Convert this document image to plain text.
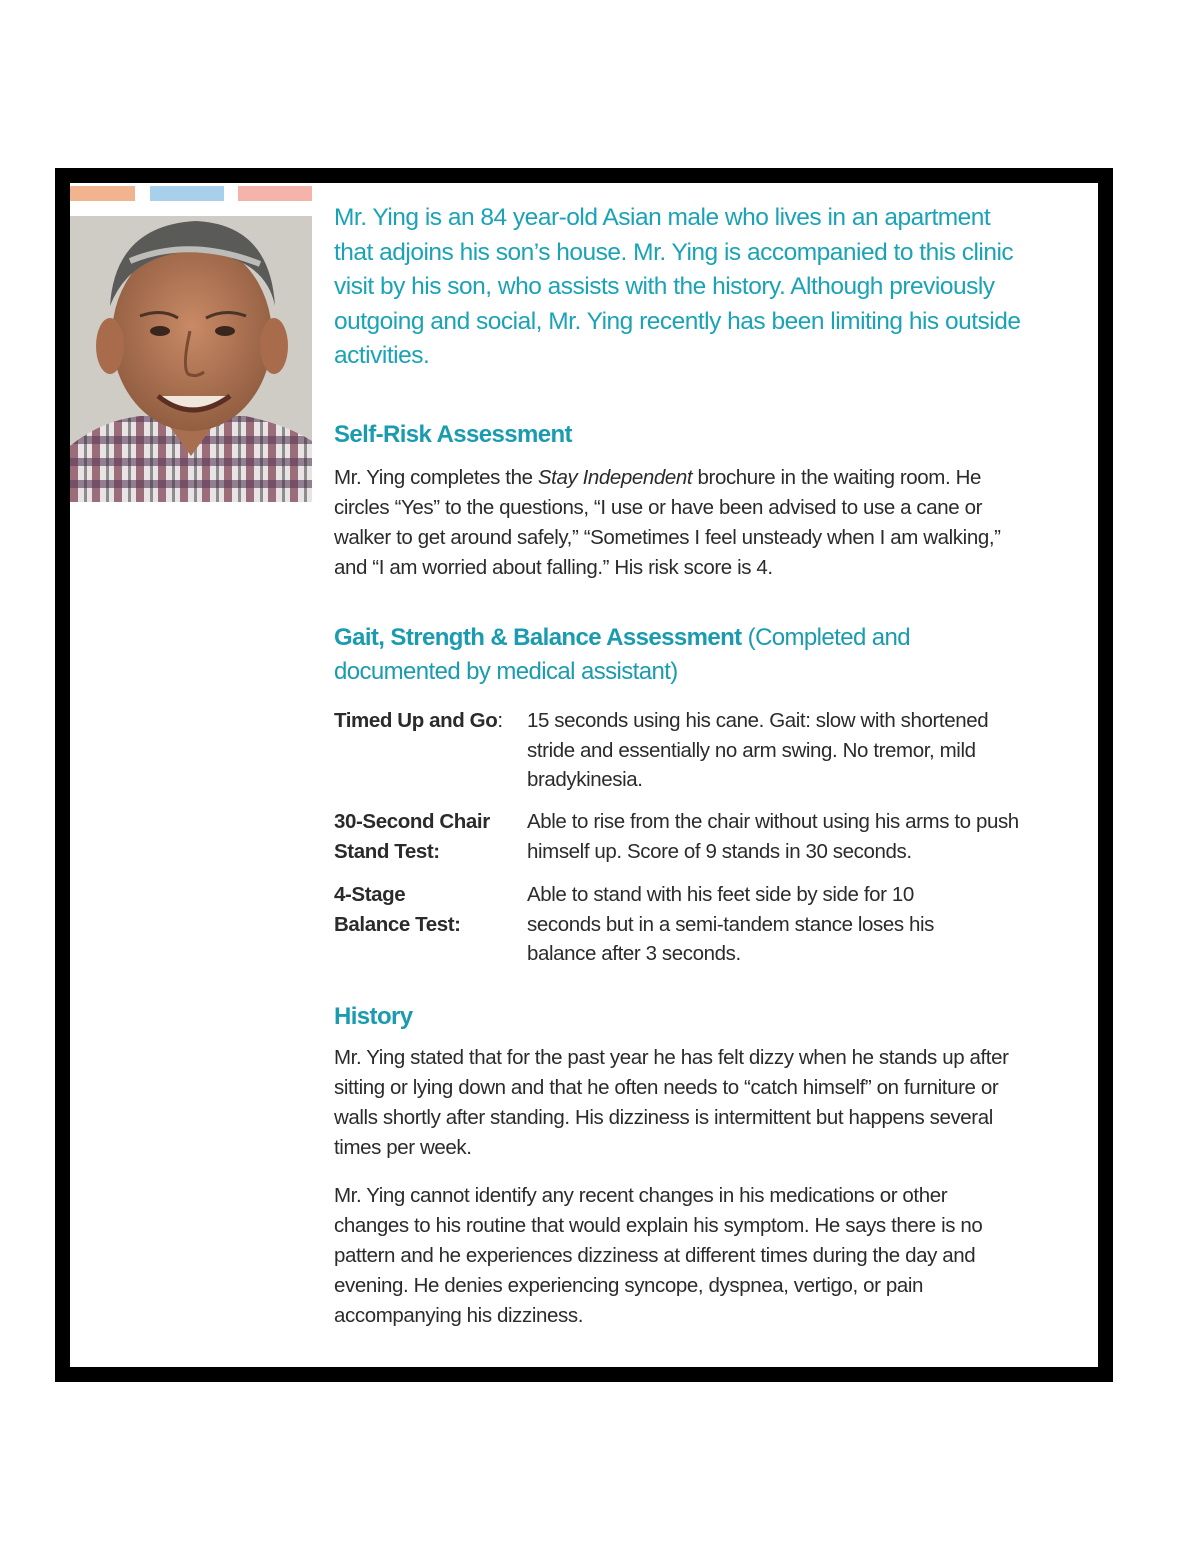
Mr. Ying is an 84 year-old Asian male who lives in an apartment that adjoins his son’s house. Mr. Ying is accompanied to this clinic visit by his son, who assists with the history. Although previously outgoing and social, Mr. Ying recently has been limiting his outside activities.

Self-Risk Assessment

Mr. Ying completes the Stay Independent brochure in the waiting room. He circles “Yes” to the questions, “I use or have been advised to use a cane or walker to get around safely,” “Sometimes I feel unsteady when I am walking,” and “I am worried about falling.” His risk score is 4.

Gait, Strength & Balance Assessment (Completed and documented by medical assistant)
Timed Up and Go:	15 seconds using his cane. Gait: slow with shortened stride and essentially no arm swing. No tremor, mild bradykinesia.
30-Second Chair Stand Test:
Able to rise from the chair without using his arms to push himself up. Score of 9 stands in 30 seconds.
4-Stage Balance Test:
Able to stand with his feet side by side for 10 seconds but in a semi-tandem stance loses his balance after 3 seconds.
History

Mr. Ying stated that for the past year he has felt dizzy when he stands up after sitting or lying down and that he often needs to “catch himself” on furniture or walls shortly after standing. His dizziness is intermittent but happens several times per week.

Mr. Ying cannot identify any recent changes in his medications or other changes to his routine that would explain his symptom. He says there is no pattern and he experiences dizziness at different times during the day and evening. He denies experiencing syncope, dyspnea, vertigo, or pain accompanying his dizziness.
